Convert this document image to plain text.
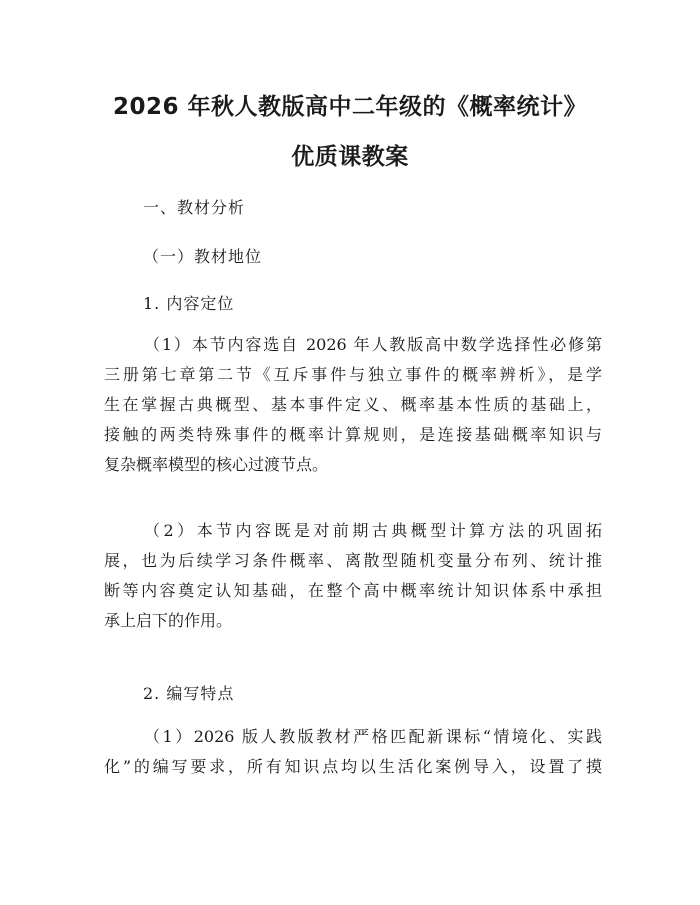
2026 年秋人教版高中二年级的《概率统计》
优质课教案
一、教材分析
（一）教材地位
1. 内容定位
（1）本节内容选自 2026 年人教版高中数学选择性必修第
三册第七章第二节《互斥事件与独立事件的概率辨析》，是学
生在掌握古典概型、基本事件定义、概率基本性质的基础上，
接触的两类特殊事件的概率计算规则，是连接基础概率知识与
复杂概率模型的核心过渡节点。
（2）本节内容既是对前期古典概型计算方法的巩固拓
展，也为后续学习条件概率、离散型随机变量分布列、统计推
断等内容奠定认知基础，在整个高中概率统计知识体系中承担
承上启下的作用。
2. 编写特点
（1）2026 版人教版教材严格匹配新课标“情境化、实践
化”的编写要求，所有知识点均以生活化案例导入，设置了摸
